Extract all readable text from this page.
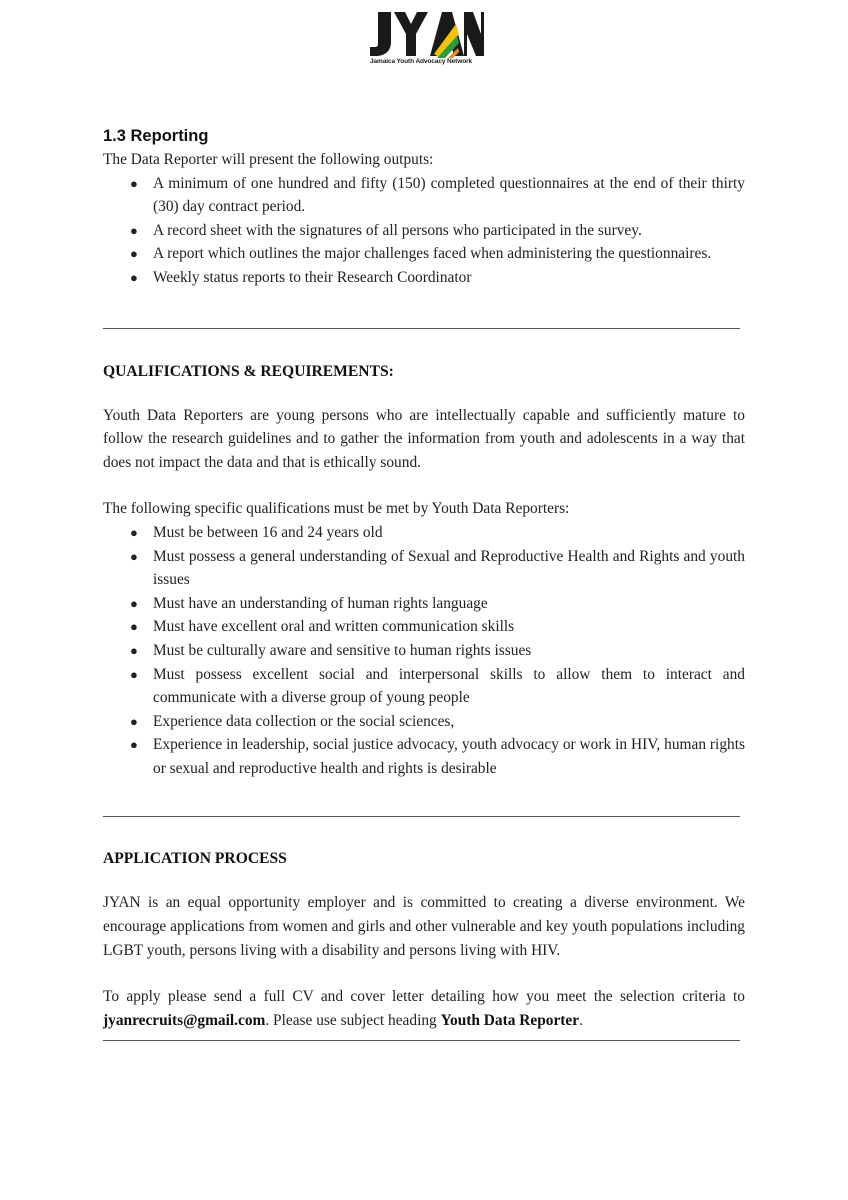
Jamaica Youth Advocacy Network
1.3 Reporting

The Data Reporter will present the following outputs:

● A minimum of one hundred and fifty (150) completed questionnaires at the end of their thirty (30) day contract period.
● A record sheet with the signatures of all persons who participated in the survey.
● A report which outlines the major challenges faced when administering the questionnaires.
● Weekly status reports to their Research Coordinator
QUALIFICATIONS & REQUIREMENTS:

Youth Data Reporters are young persons who are intellectually capable and sufficiently mature to follow the research guidelines and to gather the information from youth and adolescents in a way that does not impact the data and that is ethically sound.

The following specific qualifications must be met by Youth Data Reporters:

● Must be between 16 and 24 years old
● Must possess a general understanding of Sexual and Reproductive Health and Rights and youth issues
● Must have an understanding of human rights language
● Must have excellent oral and written communication skills
● Must be culturally aware and sensitive to human rights issues
● Must possess excellent social and interpersonal skills to allow them to interact and communicate with a diverse group of young people
● Experience data collection or the social sciences,
● Experience in leadership, social justice advocacy, youth advocacy or work in HIV, human rights or sexual and reproductive health and rights is desirable
APPLICATION PROCESS

JYAN is an equal opportunity employer and is committed to creating a diverse environment. We encourage applications from women and girls and other vulnerable and key youth populations including LGBT youth, persons living with a disability and persons living with HIV.

To apply please send a full CV and cover letter detailing how you meet the selection criteria to jyanrecruits@gmail.com. Please use subject heading Youth Data Reporter.
